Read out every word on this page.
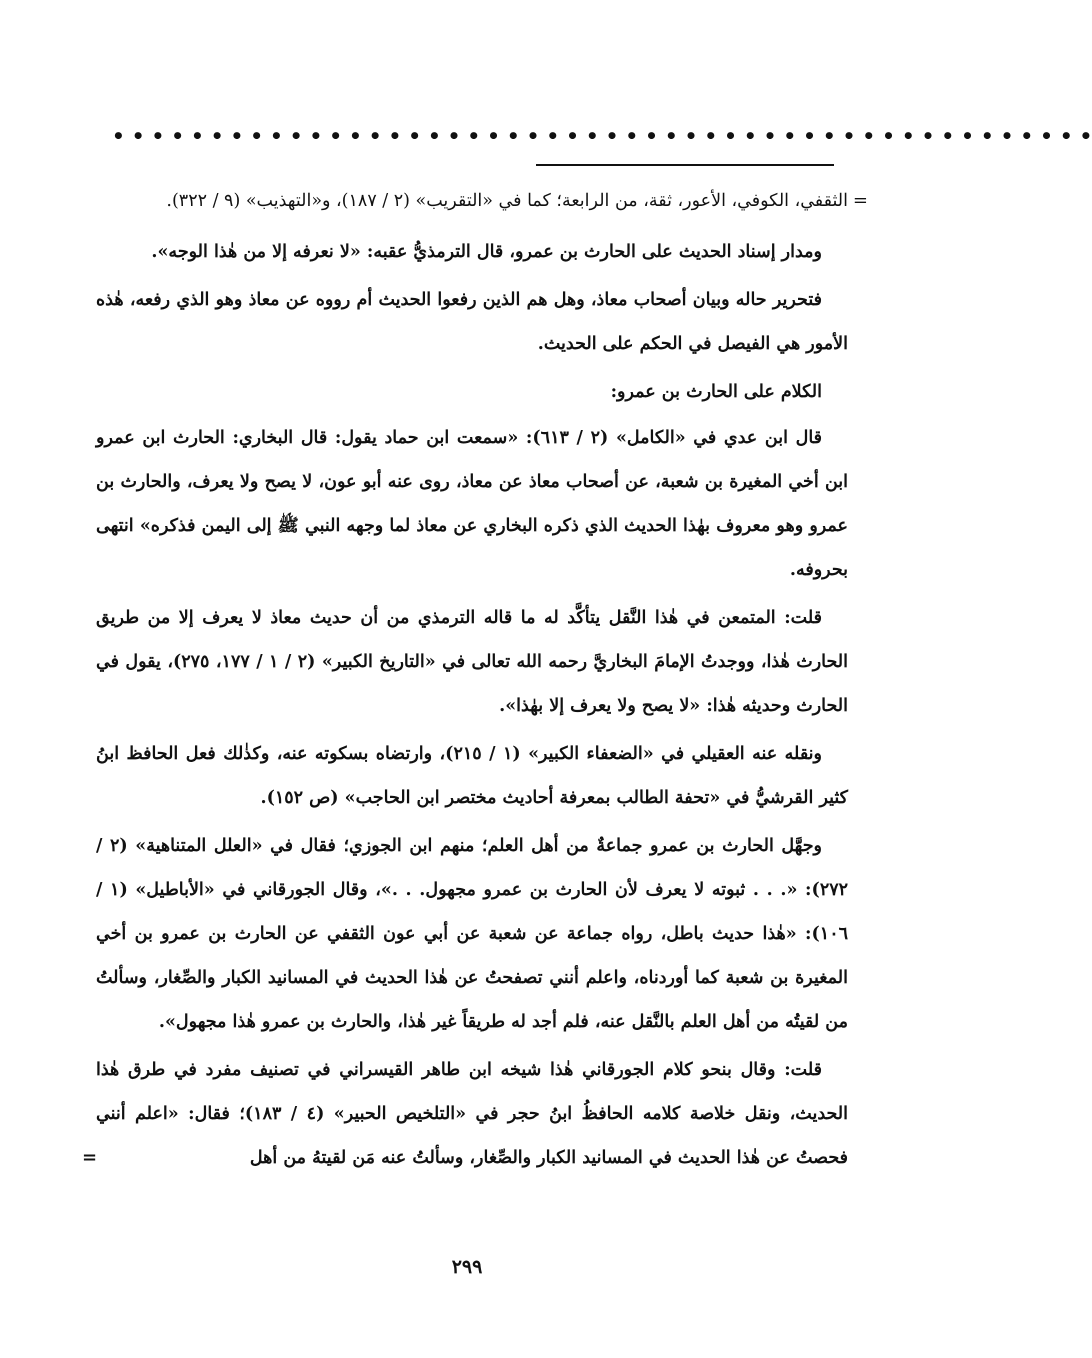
• • • • • • • • • • • • • • • • • • • • • • • • • • • • • • • • • • • • • • • • • • • • • • • • • •

=
الثقفي، الكوفي، الأعور، ثقة، من الرابعة؛ كما في «التقريب» (٢ / ١٨٧)، و«التهذيب» (٩ / ٣٢٢).

ومدار إسناد الحديث على الحارث بن عمرو، قال الترمذيُّ عقبه: «لا نعرفه إلا من هٰذا الوجه».

فتحرير حاله وبيان أصحاب معاذ، وهل هم الذين رفعوا الحديث أم رووه عن معاذ وهو الذي رفعه، هٰذه الأمور هي الفيصل في الحكم على الحديث.

الكلام على الحارث بن عمرو:

قال ابن عدي في «الكامل» (٢ / ٦١٣): «سمعت ابن حماد يقول: قال البخاري: الحارث ابن عمرو ابن أخي المغيرة بن شعبة، عن أصحاب معاذ عن معاذ، روى عنه أبو عون، لا يصح ولا يعرف، والحارث بن عمرو وهو معروف بهٰذا الحديث الذي ذكره البخاري عن معاذ لما وجهه النبي ﷺ إلى اليمن فذكره» انتهى بحروفه.

قلت: المتمعن في هٰذا النَّقل يتأكَّد له ما قاله الترمذي من أن حديث معاذ لا يعرف إلا من طريق الحارث هٰذا، ووجدتُ الإمامَ البخاريَّ رحمه الله تعالى في «التاريخ الكبير» (٢ / ١ / ١٧٧، ٢٧٥)، يقول في الحارث وحديثه هٰذا: «لا يصح ولا يعرف إلا بهٰذا».

ونقله عنه العقيلي في «الضعفاء الكبير» (١ / ٢١٥)، وارتضاه بسكوته عنه، وكذٰلك فعل الحافظ ابنُ كثير القرشيُّ في «تحفة الطالب بمعرفة أحاديث مختصر ابن الحاجب» (ص ١٥٢).

وجهَّل الحارث بن عمرو جماعةٌ من أهل العلم؛ منهم ابن الجوزي؛ فقال في «العلل المتناهية» (٢ / ٢٧٢): «. . . ثبوته لا يعرف لأن الحارث بن عمرو مجهول. . .»، وقال الجورقاني في «الأباطيل» (١ / ١٠٦): «هٰذا حديث باطل، رواه جماعة عن شعبة عن أبي عون الثقفي عن الحارث بن عمرو بن أخي المغيرة بن شعبة كما أوردناه، واعلم أنني تصفحتُ عن هٰذا الحديث في المسانيد الكبار والصِّغار، وسألتُ من لقيتُه من أهل العلم بالنَّقل عنه، فلم أجد له طريقاً غير هٰذا، والحارث بن عمرو هٰذا مجهول».

قلت: وقال بنحو كلام الجورقاني هٰذا شيخه ابن طاهر القيسراني في تصنيف مفرد في طرق هٰذا الحديث، ونقل خلاصة كلامه الحافظُ ابنُ حجر في «التلخيص الحبير» (٤ / ١٨٣)؛ فقال: «اعلم أنني فحصتُ عن هٰذا الحديث في المسانيد الكبار والصِّغار، وسألتُ عنه مَن لقيتهُ من أهل
=

٢٩٩
